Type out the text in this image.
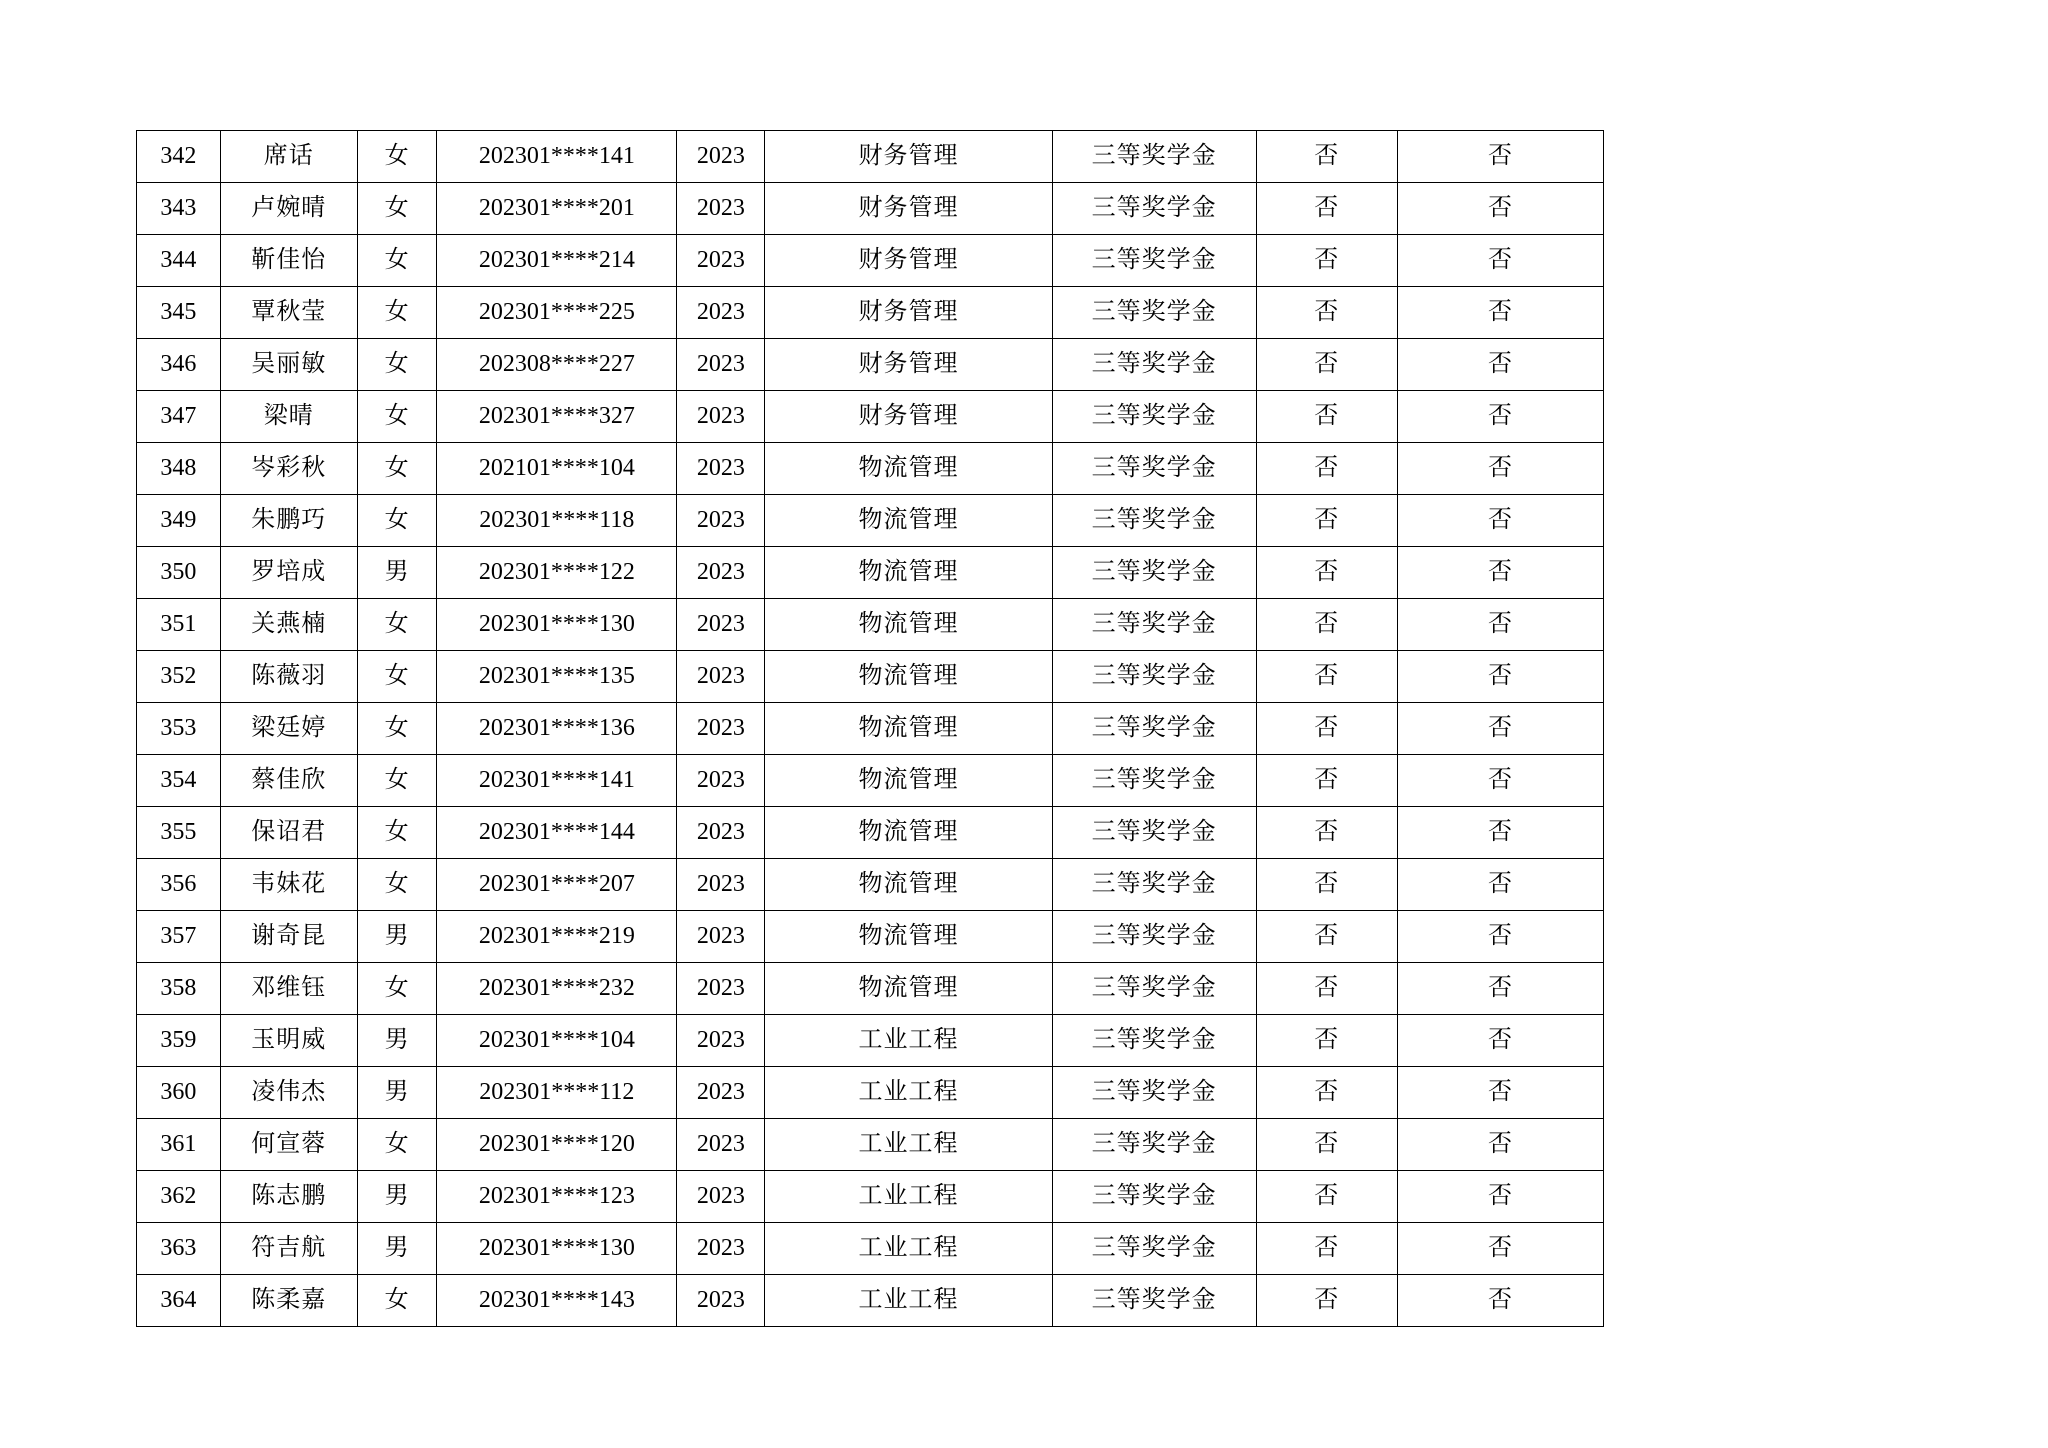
342	席话	女	202301****141	2023	财务管理	三等奖学金	否	否
343	卢婉晴	女	202301****201	2023	财务管理	三等奖学金	否	否
344	靳佳怡	女	202301****214	2023	财务管理	三等奖学金	否	否
345	覃秋莹	女	202301****225	2023	财务管理	三等奖学金	否	否
346	吴丽敏	女	202308****227	2023	财务管理	三等奖学金	否	否
347	梁晴	女	202301****327	2023	财务管理	三等奖学金	否	否
348	岑彩秋	女	202101****104	2023	物流管理	三等奖学金	否	否
349	朱鹏巧	女	202301****118	2023	物流管理	三等奖学金	否	否
350	罗培成	男	202301****122	2023	物流管理	三等奖学金	否	否
351	关燕楠	女	202301****130	2023	物流管理	三等奖学金	否	否
352	陈薇羽	女	202301****135	2023	物流管理	三等奖学金	否	否
353	梁廷婷	女	202301****136	2023	物流管理	三等奖学金	否	否
354	蔡佳欣	女	202301****141	2023	物流管理	三等奖学金	否	否
355	保诏君	女	202301****144	2023	物流管理	三等奖学金	否	否
356	韦妹花	女	202301****207	2023	物流管理	三等奖学金	否	否
357	谢奇昆	男	202301****219	2023	物流管理	三等奖学金	否	否
358	邓维钰	女	202301****232	2023	物流管理	三等奖学金	否	否
359	玉明威	男	202301****104	2023	工业工程	三等奖学金	否	否
360	凌伟杰	男	202301****112	2023	工业工程	三等奖学金	否	否
361	何宣蓉	女	202301****120	2023	工业工程	三等奖学金	否	否
362	陈志鹏	男	202301****123	2023	工业工程	三等奖学金	否	否
363	符吉航	男	202301****130	2023	工业工程	三等奖学金	否	否
364	陈柔嘉	女	202301****143	2023	工业工程	三等奖学金	否	否
